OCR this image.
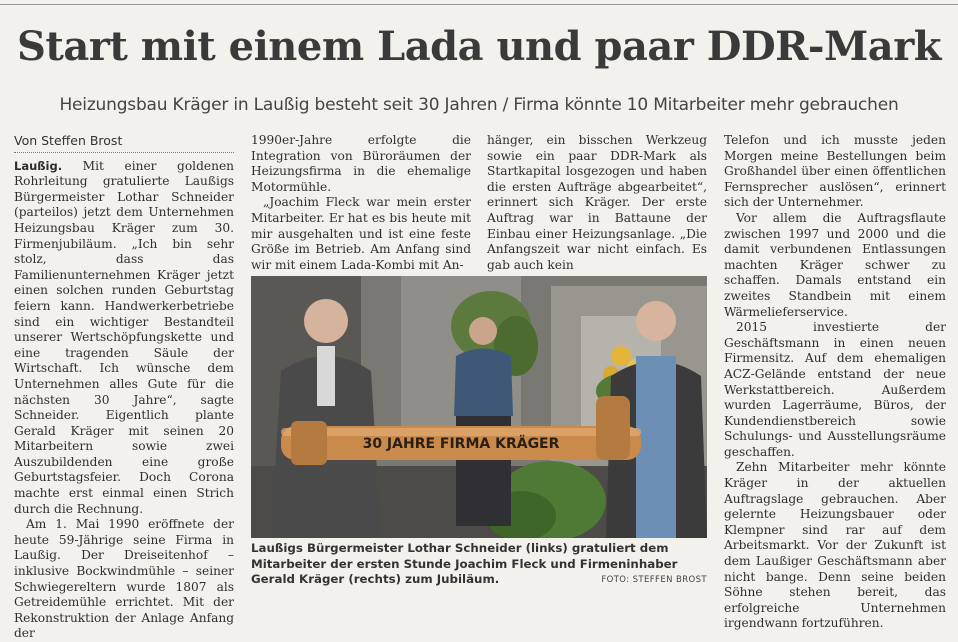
Start mit einem Lada und paar DDR-Mark
Heizungsbau Kräger in Laußig besteht seit 30 Jahren / Firma könnte 10 Mitarbeiter mehr gebrauchen
Von Steffen Brost

Laußig. Mit einer goldenen Rohrleitung gratulierte Laußigs Bürgermeister Lothar Schneider (parteilos) jetzt dem Unternehmen Heizungsbau Kräger zum 30. Firmenjubiläum. „Ich bin sehr stolz, dass das Familienunternehmen Kräger jetzt einen solchen runden Geburtstag feiern kann. Handwerkerbetriebe sind ein wichtiger Bestandteil unserer Wertschöpfungskette und eine tragenden Säule der Wirtschaft. Ich wünsche dem Unternehmen alles Gute für die nächsten 30 Jahre“, sagte Schneider. Eigentlich plante Gerald Kräger mit seinen 20 Mitarbeitern sowie zwei Auszubildenden eine große Geburtstagsfeier. Doch Corona machte erst einmal einen Strich durch die Rechnung.

Am 1. Mai 1990 eröffnete der heute 59-Jährige seine Firma in Laußig. Der Dreiseitenhof – inklusive Bockwindmühle – seiner Schwiegereltern wurde 1807 als Getreidemühle errichtet. Mit der Rekonstruktion der Anlage Anfang der

1990er-Jahre erfolgte die Integration von Büroräumen der Heizungsfirma in die ehemalige Motormühle.

„Joachim Fleck war mein erster Mitarbeiter. Er hat es bis heute mit mir ausgehalten und ist eine feste Größe im Betrieb. Am Anfang sind wir mit einem Lada-Kombi mit An-

hänger, ein bisschen Werkzeug sowie ein paar DDR-Mark als Startkapital losgezogen und haben die ersten Aufträge abgearbeitet“, erinnert sich Kräger. Der erste Auftrag war in Battaune der Einbau einer Heizungsanlage. „Die Anfangszeit war nicht einfach. Es gab auch kein

Telefon und ich musste jeden Morgen meine Bestellungen beim Großhandel über einen öffentlichen Fernsprecher auslösen“, erinnert sich der Unternehmer.

Vor allem die Auftragsflaute zwischen 1997 und 2000 und die damit verbundenen Entlassungen machten Kräger schwer zu schaffen. Damals entstand ein zweites Standbein mit einem Wärmelieferservice.

2015 investierte der Geschäftsmann in einen neuen Firmensitz. Auf dem ehemaligen ACZ-Gelände entstand der neue Werkstattbereich. Außerdem wurden Lagerräume, Büros, der Kundendienstbereich sowie Schulungs- und Ausstellungsräume geschaffen.

Zehn Mitarbeiter mehr könnte Kräger in der aktuellen Auftragslage gebrauchen. Aber gelernte Heizungsbauer oder Klempner sind rar auf dem Arbeitsmarkt. Vor der Zukunft ist dem Laußiger Geschäftsmann aber nicht bange. Denn seine beiden Söhne stehen bereit, das erfolgreiche Unternehmen irgendwann fortzuführen.

30 JAHRE FIRMA KRÄGER
Laußigs Bürgermeister Lothar Schneider (links) gratuliert dem Mitarbeiter der ersten Stunde Joachim Fleck und Firmeninhaber Gerald Kräger (rechts) zum Jubiläum.	FOTO: STEFFEN BROST
